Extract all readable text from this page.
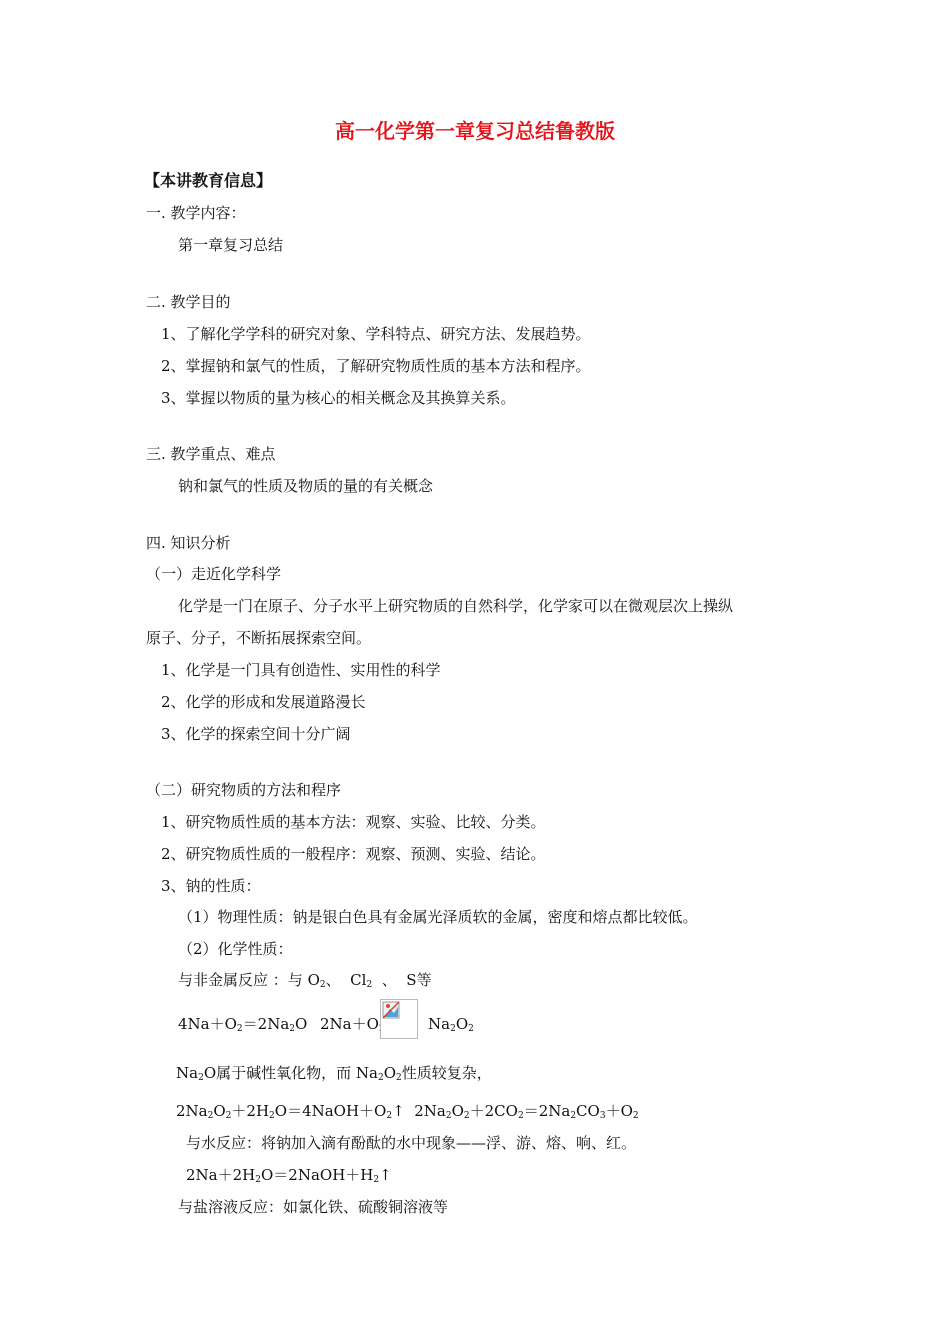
高一化学第一章复习总结鲁教版
【本讲教育信息】
一. 教学内容：
第一章复习总结
二. 教学目的
1、了解化学学科的研究对象、学科特点、研究方法、发展趋势。
2、掌握钠和氯气的性质，了解研究物质性质的基本方法和程序。
3、掌握以物质的量为核心的相关概念及其换算关系。
三. 教学重点、难点
钠和氯气的性质及物质的量的有关概念
四. 知识分析
（一）走近化学科学
化学是一门在原子、分子水平上研究物质的自然科学，化学家可以在微观层次上操纵
原子、分子，不断拓展探索空间。
1、化学是一门具有创造性、实用性的科学
2、化学的形成和发展道路漫长
3、化学的探索空间十分广阔
（二）研究物质的方法和程序
1、研究物质性质的基本方法：观察、实验、比较、分类。
2、研究物质性质的一般程序：观察、预测、实验、结论。
3、钠的性质：
（1）物理性质：钠是银白色具有金属光泽质软的金属，密度和熔点都比较低。
（2）化学性质：
与非金属反应 ：与 $O_2$、 $Cl_2$ 、 S等
$4Na+O_2=2Na_2O$ 2Na＋O	$Na_2O_2$
$Na_2O$属于碱性氧化物，而 $Na_2O_2$性质较复杂，
$2Na_2O_2+2H_2O=4NaOH+O_2↑$ $2Na_2O_2+2CO_2=2Na_2CO_3+O_2$
与水反应：将钠加入滴有酚酞的水中现象——浮、游、熔、响、红。
$2Na+2H_2O=2NaOH+H_2↑$
与盐溶液反应：如氯化铁、硫酸铜溶液等
